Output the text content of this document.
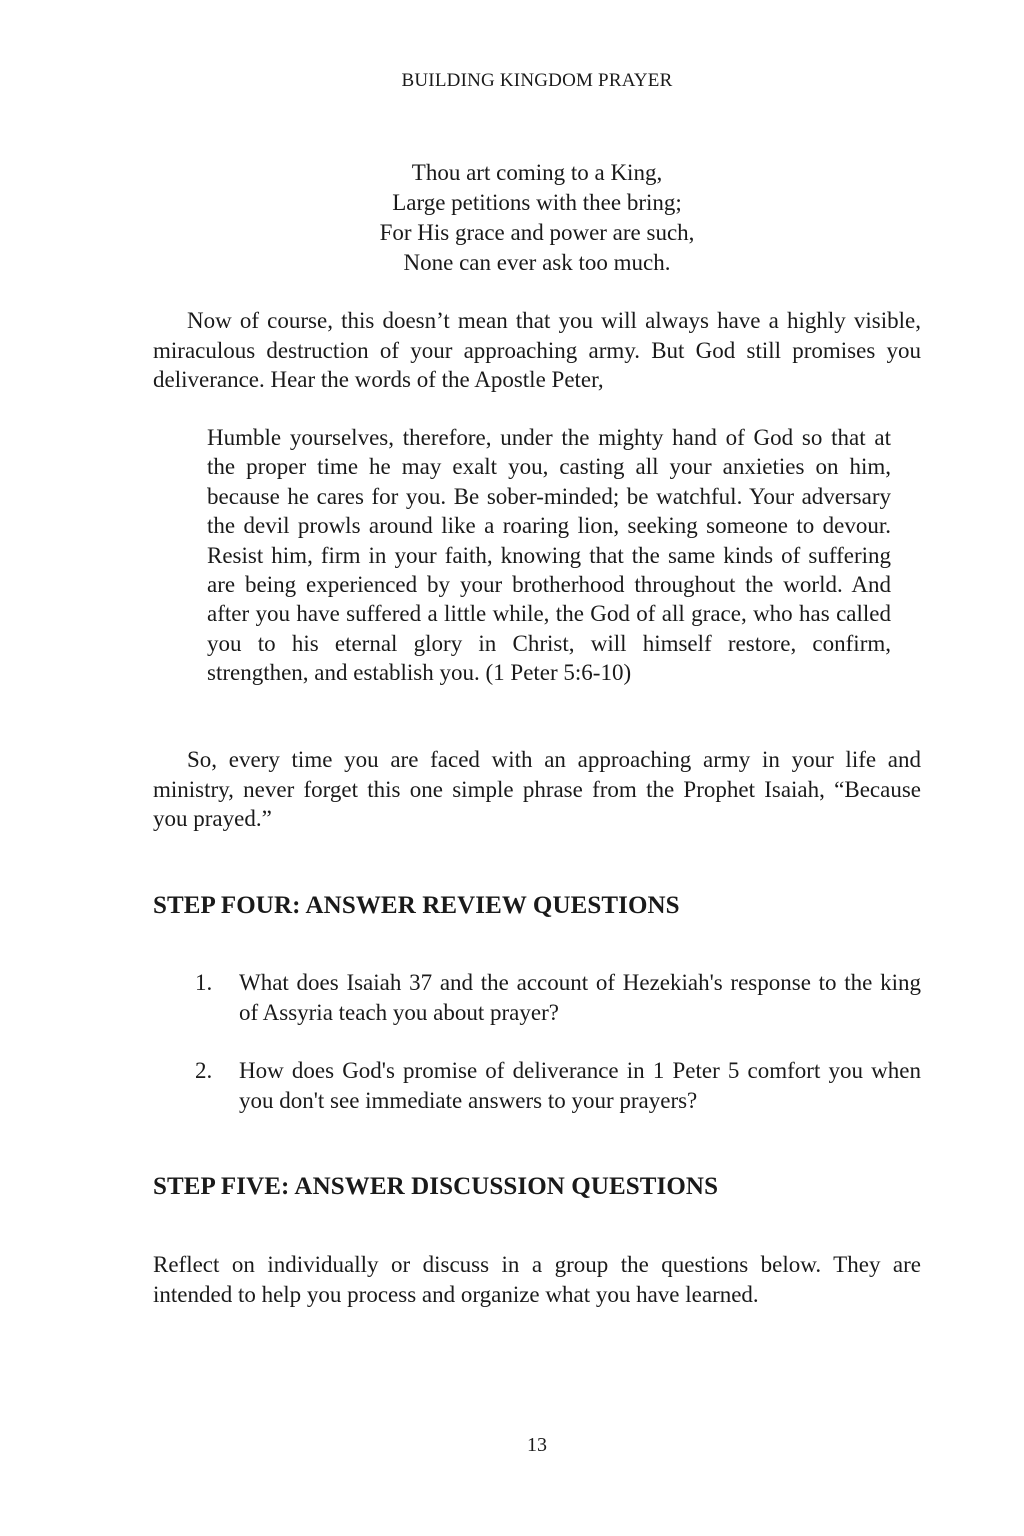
BUILDING KINGDOM PRAYER
Thou art coming to a King,
Large petitions with thee bring;
For His grace and power are such,
None can ever ask too much.

Now of course, this doesn’t mean that you will always have a highly visible, miraculous destruction of your approaching army. But God still promises you deliverance. Hear the words of the Apostle Peter,

Humble yourselves, therefore, under the mighty hand of God so that at the proper time he may exalt you, casting all your anxieties on him, because he cares for you. Be sober-minded; be watchful. Your adversary the devil prowls around like a roaring lion, seeking someone to devour. Resist him, firm in your faith, knowing that the same kinds of suffering are being experienced by your brotherhood throughout the world. And after you have suffered a little while, the God of all grace, who has called you to his eternal glory in Christ, will himself restore, confirm, strengthen, and establish you. (1 Peter 5:6-10)

So, every time you are faced with an approaching army in your life and ministry, never forget this one simple phrase from the Prophet Isaiah, “Because you prayed.”

STEP FOUR: ANSWER REVIEW QUESTIONS
1. What does Isaiah 37 and the account of Hezekiah's response to the king of Assyria teach you about prayer?
2. How does God's promise of deliverance in 1 Peter 5 comfort you when you don't see immediate answers to your prayers?
STEP FIVE: ANSWER DISCUSSION QUESTIONS

Reflect on individually or discuss in a group the questions below. They are intended to help you process and organize what you have learned.

13
